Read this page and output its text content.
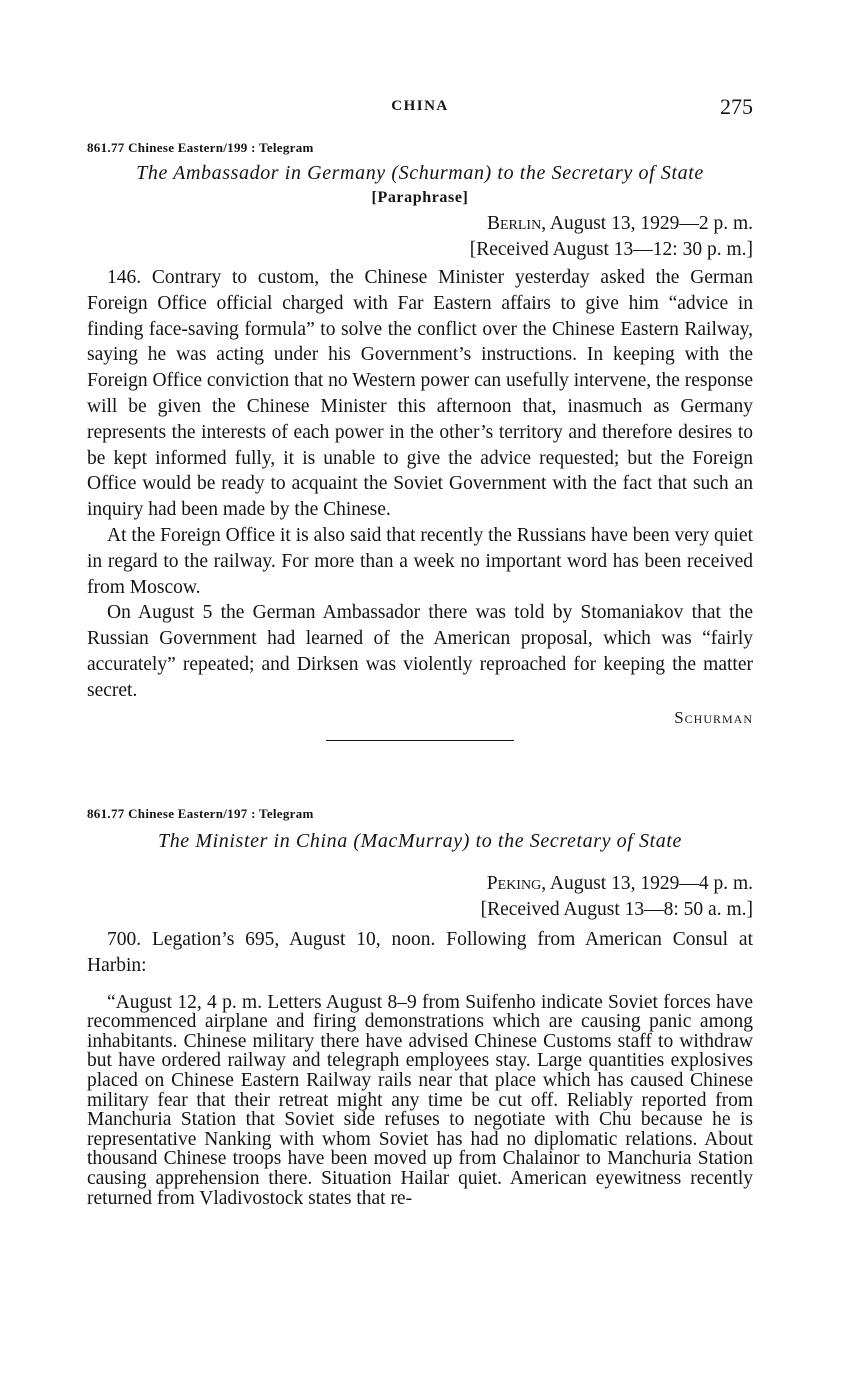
CHINA	275
861.77 Chinese Eastern/199 : Telegram
The Ambassador in Germany (Schurman) to the Secretary of State
[Paraphrase]
Berlin, August 13, 1929—2 p. m.
[Received August 13—12: 30 p. m.]

146. Contrary to custom, the Chinese Minister yesterday asked the German Foreign Office official charged with Far Eastern affairs to give him “advice in finding face-saving formula” to solve the conflict over the Chinese Eastern Railway, saying he was acting under his Government’s instructions. In keeping with the Foreign Office conviction that no Western power can usefully intervene, the response will be given the Chinese Minister this afternoon that, inasmuch as Germany represents the interests of each power in the other’s territory and therefore desires to be kept informed fully, it is unable to give the advice requested; but the Foreign Office would be ready to acquaint the Soviet Government with the fact that such an inquiry had been made by the Chinese.

At the Foreign Office it is also said that recently the Russians have been very quiet in regard to the railway. For more than a week no important word has been received from Moscow.

On August 5 the German Ambassador there was told by Stomaniakov that the Russian Government had learned of the American proposal, which was “fairly accurately” repeated; and Dirksen was violently reproached for keeping the matter secret.

Schurman
861.77 Chinese Eastern/197 : Telegram
The Minister in China (MacMurray) to the Secretary of State
Peking, August 13, 1929—4 p. m.
[Received August 13—8: 50 a. m.]

700. Legation’s 695, August 10, noon. Following from American Consul at Harbin:

“August 12, 4 p. m. Letters August 8–9 from Suifenho indicate Soviet forces have recommenced airplane and firing demonstrations which are causing panic among inhabitants. Chinese military there have advised Chinese Customs staff to withdraw but have ordered railway and telegraph employees stay. Large quantities explosives placed on Chinese Eastern Railway rails near that place which has caused Chinese military fear that their retreat might any time be cut off. Reliably reported from Manchuria Station that Soviet side refuses to negotiate with Chu because he is representative Nanking with whom Soviet has had no diplomatic relations. About thousand Chinese troops have been moved up from Chalainor to Manchuria Station causing apprehension there. Situation Hailar quiet. American eyewitness recently returned from Vladivostock states that re-
